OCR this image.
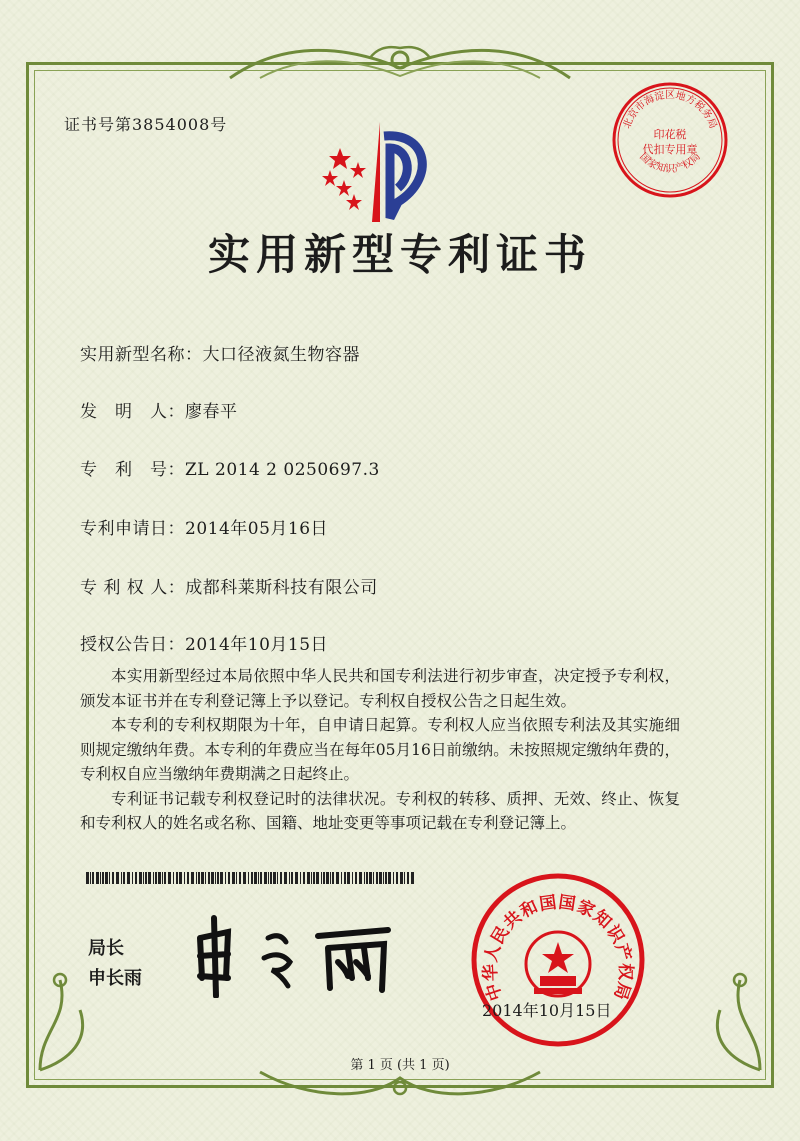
证书号第3854008号	北京市海淀区地方税务局
印花税
代扣专用章
国家知识产权局
实用新型专利证书
实用新型名称：大口径液氮生物容器
发　明　人：廖春平
专　利　号：ZL 2014 2 0250697.3
专利申请日：2014年05月16日
专 利 权 人：成都科莱斯科技有限公司
授权公告日：2014年10月15日

本实用新型经过本局依照中华人民共和国专利法进行初步审查，决定授予专利权，颁发本证书并在专利登记簿上予以登记。专利权自授权公告之日起生效。

本专利的专利权期限为十年，自申请日起算。专利权人应当依照专利法及其实施细则规定缴纳年费。本专利的年费应当在每年05月16日前缴纳。未按照规定缴纳年费的，专利权自应当缴纳年费期满之日起终止。

专利证书记载专利权登记时的法律状况。专利权的转移、质押、无效、终止、恢复和专利权人的姓名或名称、国籍、地址变更等事项记载在专利登记簿上。

局长
申长雨
中华人民共和国国家知识产权局
2014年10月15日
第 1 页 (共 1 页)
